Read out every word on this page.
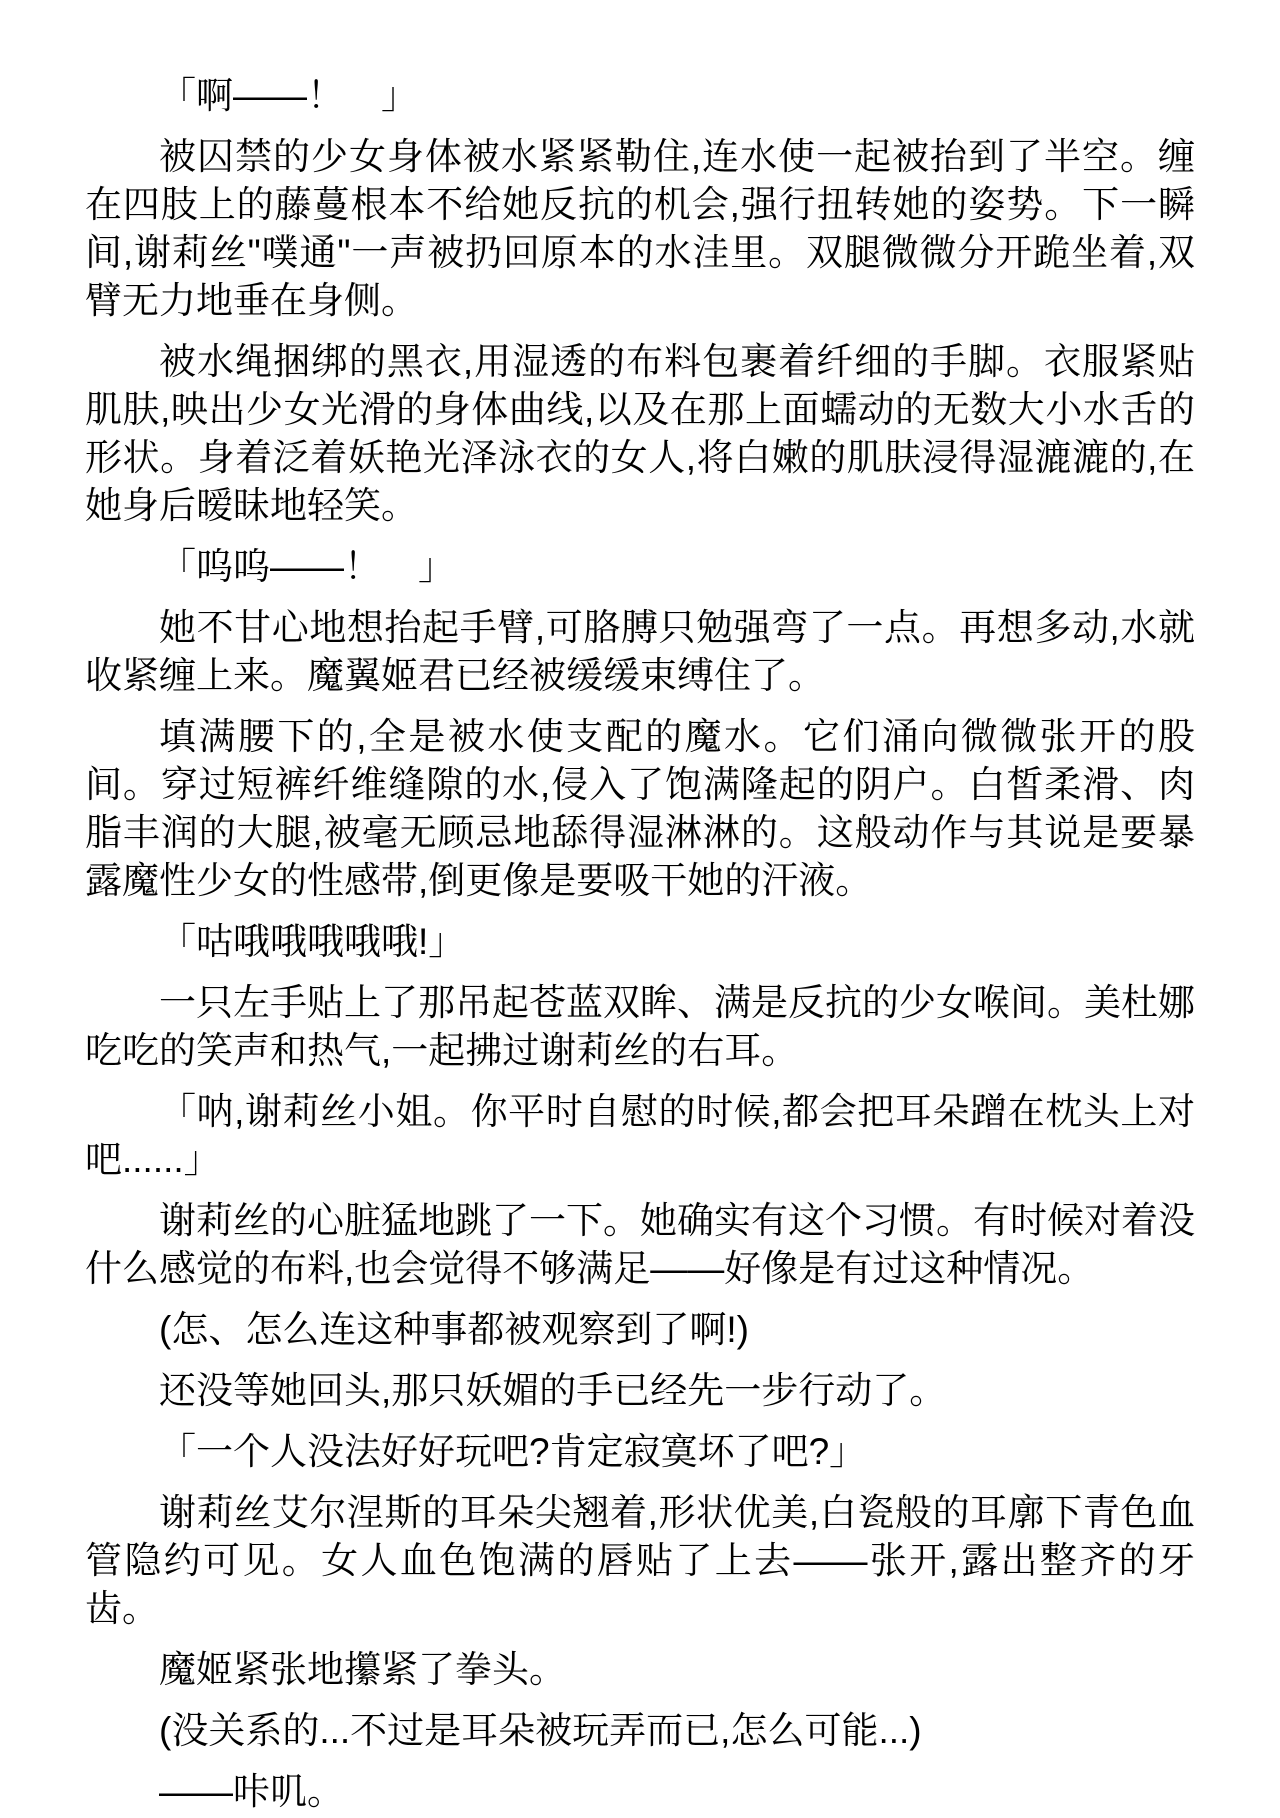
「啊——！　」

被囚禁的少女身体被水紧紧勒住,连水使一起被抬到了半空。缠在四肢上的藤蔓根本不给她反抗的机会,强行扭转她的姿势。下一瞬间,谢莉丝"噗通"一声被扔回原本的水洼里。双腿微微分开跪坐着,双臂无力地垂在身侧。

被水绳捆绑的黑衣,用湿透的布料包裹着纤细的手脚。衣服紧贴肌肤,映出少女光滑的身体曲线,以及在那上面蠕动的无数大小水舌的形状。身着泛着妖艳光泽泳衣的女人,将白嫩的肌肤浸得湿漉漉的,在她身后暧昧地轻笑。

「呜呜——！　」

她不甘心地想抬起手臂,可胳膊只勉强弯了一点。再想多动,水就收紧缠上来。魔翼姬君已经被缓缓束缚住了。

填满腰下的,全是被水使支配的魔水。它们涌向微微张开的股间。穿过短裤纤维缝隙的水,侵入了饱满隆起的阴户。白皙柔滑、肉脂丰润的大腿,被毫无顾忌地舔得湿淋淋的。这般动作与其说是要暴露魔性少女的性感带,倒更像是要吸干她的汗液。

「咕哦哦哦哦哦!」

一只左手贴上了那吊起苍蓝双眸、满是反抗的少女喉间。美杜娜吃吃的笑声和热气,一起拂过谢莉丝的右耳。

「呐,谢莉丝小姐。你平时自慰的时候,都会把耳朵蹭在枕头上对吧......」

谢莉丝的心脏猛地跳了一下。她确实有这个习惯。有时候对着没什么感觉的布料,也会觉得不够满足——好像是有过这种情况。

(怎、怎么连这种事都被观察到了啊!)

还没等她回头,那只妖媚的手已经先一步行动了。

「一个人没法好好玩吧?肯定寂寞坏了吧?」

谢莉丝艾尔涅斯的耳朵尖翘着,形状优美,白瓷般的耳廓下青色血管隐约可见。女人血色饱满的唇贴了上去——张开,露出整齐的牙齿。

魔姬紧张地攥紧了拳头。

(没关系的...不过是耳朵被玩弄而已,怎么可能...)

——咔叽。
